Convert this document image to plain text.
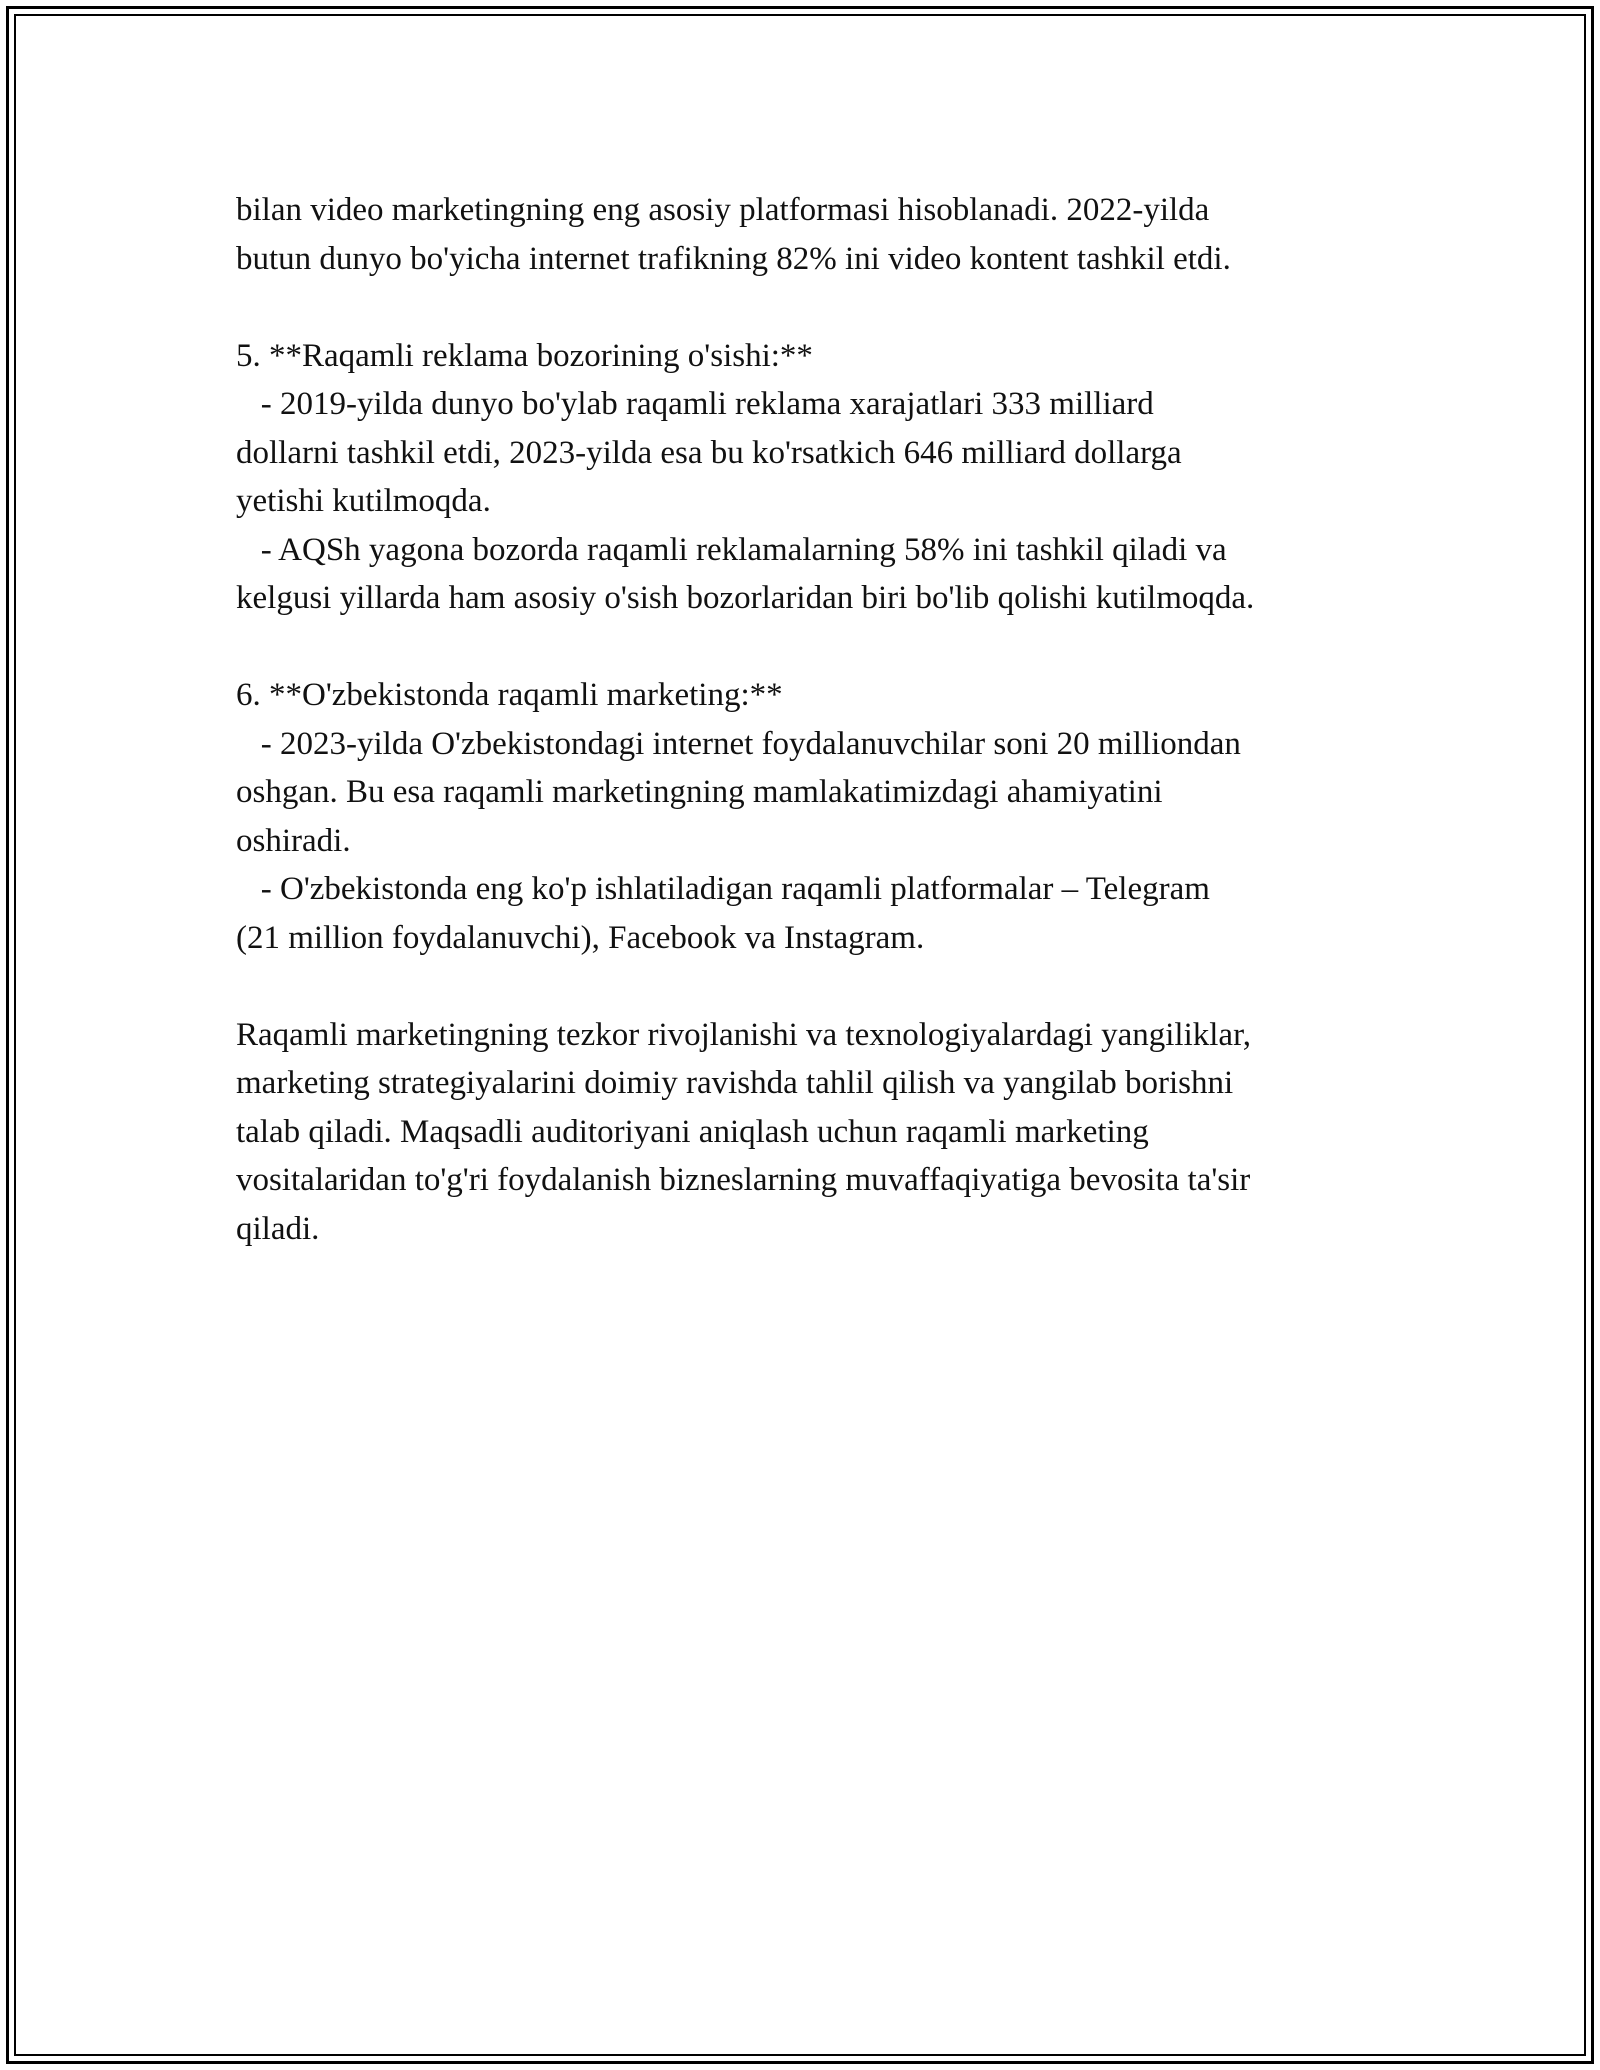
bilan video marketingning eng asosiy platformasi hisoblanadi. 2022-yilda
butun dunyo bo'yicha internet trafikning 82% ini video kontent tashkil etdi.
5. **Raqamli reklama bozorining o'sishi:**
- 2019-yilda dunyo bo'ylab raqamli reklama xarajatlari 333 milliard
dollarni tashkil etdi, 2023-yilda esa bu ko'rsatkich 646 milliard dollarga
yetishi kutilmoqda.
- AQSh yagona bozorda raqamli reklamalarning 58% ini tashkil qiladi va
kelgusi yillarda ham asosiy o'sish bozorlaridan biri bo'lib qolishi kutilmoqda.
6. **O'zbekistonda raqamli marketing:**
- 2023-yilda O'zbekistondagi internet foydalanuvchilar soni 20 milliondan
oshgan. Bu esa raqamli marketingning mamlakatimizdagi ahamiyatini
oshiradi.
- O'zbekistonda eng ko'p ishlatiladigan raqamli platformalar – Telegram
(21 million foydalanuvchi), Facebook va Instagram.
Raqamli marketingning tezkor rivojlanishi va texnologiyalardagi yangiliklar,
marketing strategiyalarini doimiy ravishda tahlil qilish va yangilab borishni
talab qiladi. Maqsadli auditoriyani aniqlash uchun raqamli marketing
vositalaridan to'g'ri foydalanish bizneslarning muvaffaqiyatiga bevosita ta'sir
qiladi.
